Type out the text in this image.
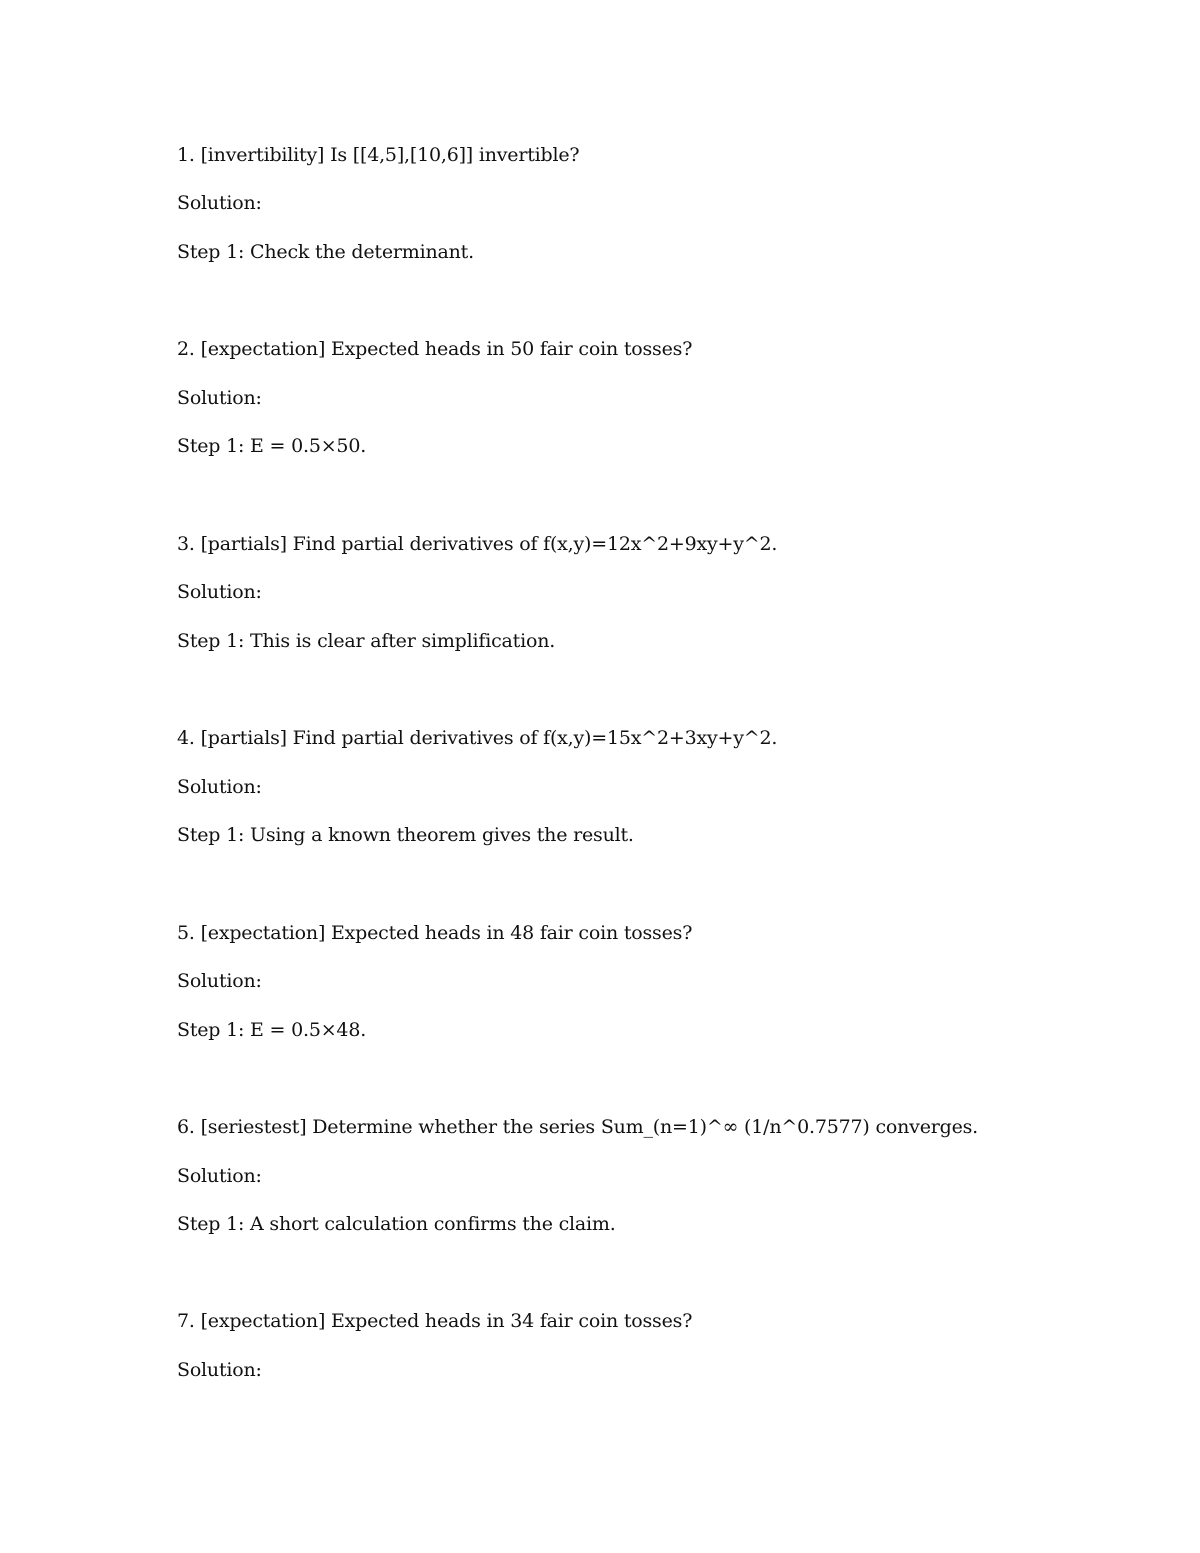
1. [invertibility] Is [[4,5],[10,6]] invertible?
Solution:
Step 1: Check the determinant.
2. [expectation] Expected heads in 50 fair coin tosses?
Solution:
Step 1: E = 0.5×50.
3. [partials] Find partial derivatives of f(x,y)=12x^2+9xy+y^2.
Solution:
Step 1: This is clear after simplification.
4. [partials] Find partial derivatives of f(x,y)=15x^2+3xy+y^2.
Solution:
Step 1: Using a known theorem gives the result.
5. [expectation] Expected heads in 48 fair coin tosses?
Solution:
Step 1: E = 0.5×48.
6. [seriestest] Determine whether the series Sum_(n=1)^∞ (1/n^0.7577) converges.
Solution:
Step 1: A short calculation confirms the claim.
7. [expectation] Expected heads in 34 fair coin tosses?
Solution:
